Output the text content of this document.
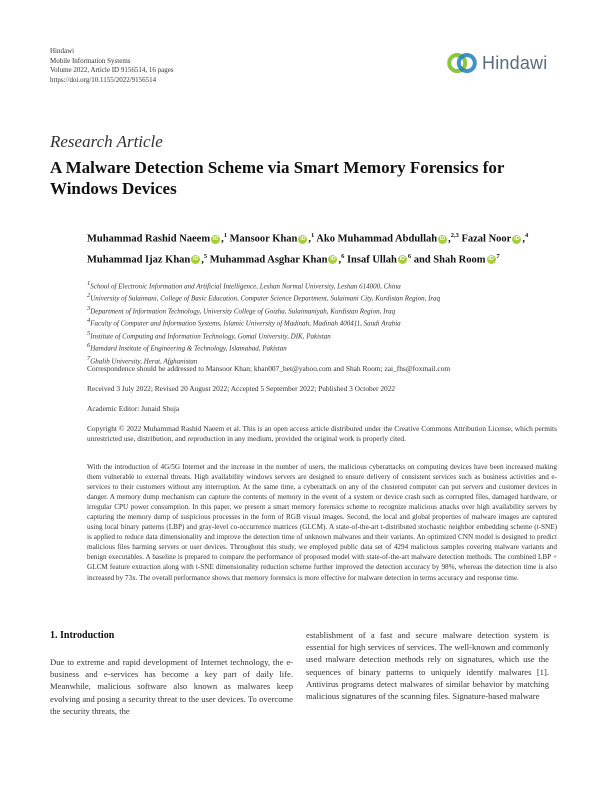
Hindawi
Mobile Information Systems
Volume 2022, Article ID 9156514, 16 pages
https://doi.org/10.1155/2022/9156514
Hindawi
Research Article
A Malware Detection Scheme via Smart Memory Forensics for Windows Devices
Muhammad Rashid Naeem iD ,$^1$ Mansoor Khan iD ,$^1$ Ako Muhammad Abdullah iD ,$^{2,3}$ Fazal Noor iD ,$^4$ Muhammad Ijaz Khan iD ,$^5$ Muhammad Asghar Khan iD ,$^6$ Insaf Ullah iD $^6$ and Shah Room iD $^7$
$^1$School of Electronic Information and Artificial Intelligence, Leshan Normal University, Leshan 614000, China
$^2$University of Sulaimani, College of Basic Education, Computer Science Department, Sulaimani City, Kurdistan Region, Iraq
$^3$Department of Information Technology, University College of Goizha, Sulaimaniyah, Kurdistan Region, Iraq
$^4$Faculty of Computer and Information Systems, Islamic University of Madinah, Madinah 400411, Saudi Arabia
$^5$Institute of Computing and Information Technology, Gomal University, DIK, Pakistan
$^6$Hamdard Institute of Engineering & Technology, Islamabad, Pakistan
$^7$Ghalib University, Herat, Afghanistan
Correspondence should be addressed to Mansoor Khan; khan007_bet@yahoo.com and Shah Room; zai_fhs@foxmail.com
Received 3 July 2022; Revised 20 August 2022; Accepted 5 September 2022; Published 3 October 2022
Academic Editor: Junaid Shuja
Copyright © 2022 Muhammad Rashid Naeem et al. This is an open access article distributed under the Creative Commons Attribution License, which permits unrestricted use, distribution, and reproduction in any medium, provided the original work is properly cited.
With the introduction of 4G/5G Internet and the increase in the number of users, the malicious cyberattacks on computing devices have been increased making them vulnerable to external threats. High availability windows servers are designed to ensure delivery of consistent services such as business activities and e-services to their customers without any interruption. At the same time, a cyberattack on any of the clustered computer can put servers and customer devices in danger. A memory dump mechanism can capture the contents of memory in the event of a system or device crash such as corrupted files, damaged hardware, or irregular CPU power consumption. In this paper, we present a smart memory forensics scheme to recognize malicious attacks over high availability servers by capturing the memory dump of suspicious processes in the form of RGB visual images. Second, the local and global properties of malware images are captured using local binary patterns (LBP) and gray-level co-occurrence matrices (GLCM). A state-of-the-art t-distributed stochastic neighbor embedding scheme (t-SNE) is applied to reduce data dimensionality and improve the detection time of unknown malwares and their variants. An optimized CNN model is designed to predict malicious files harming servers or user devices. Throughout this study, we employed public data set of 4294 malicious samples covering malware variants and benign executables. A baseline is prepared to compare the performance of proposed model with state-of-the-art malware detection methods. The combined LBP + GLCM feature extraction along with t-SNE dimensionality reduction scheme further improved the detection accuracy by 98%, whereas the detection time is also increased by 73x. The overall performance shows that memory forensics is more effective for malware detection in terms accuracy and response time.
1. Introduction
Due to extreme and rapid development of Internet technology, the e-business and e-services has become a key part of daily life. Meanwhile, malicious software also known as malwares keep evolving and posing a security threat to the user devices. To overcome the security threats, the
establishment of a fast and secure malware detection system is essential for high services of services. The well-known and commonly used malware detection methods rely on signatures, which use the sequences of binary patterns to uniquely identify malwares [1]. Antivirus programs detect malwares of similar behavior by matching malicious signatures of the scanning files. Signature-based malware
